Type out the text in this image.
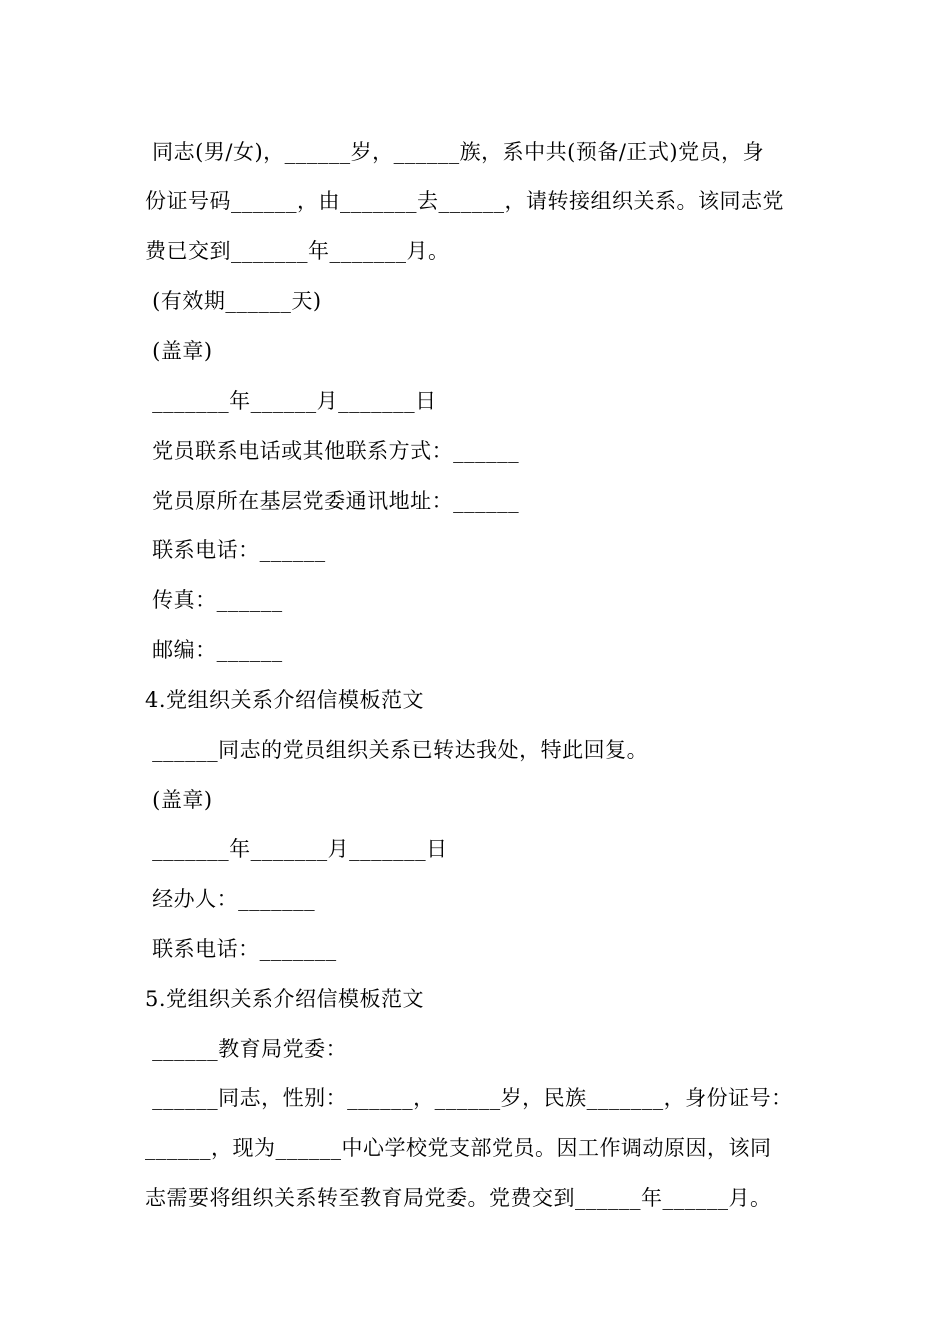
同志(男/女)，______岁，______族，系中共(预备/正式)党员，身
份证号码______，由_______去______，请转接组织关系。该同志党
费已交到_______年_______月。
(有效期______天)
(盖章)
_______年______月_______日
党员联系电话或其他联系方式：______
党员原所在基层党委通讯地址：______
联系电话：______
传真：______
邮编：______
4.党组织关系介绍信模板范文
______同志的党员组织关系已转达我处，特此回复。
(盖章)
_______年_______月_______日
经办人：_______
联系电话：_______
5.党组织关系介绍信模板范文
______教育局党委：
______同志，性别：______，______岁，民族_______，身份证号：
______，现为______中心学校党支部党员。因工作调动原因，该同
志需要将组织关系转至教育局党委。党费交到______年______月。
